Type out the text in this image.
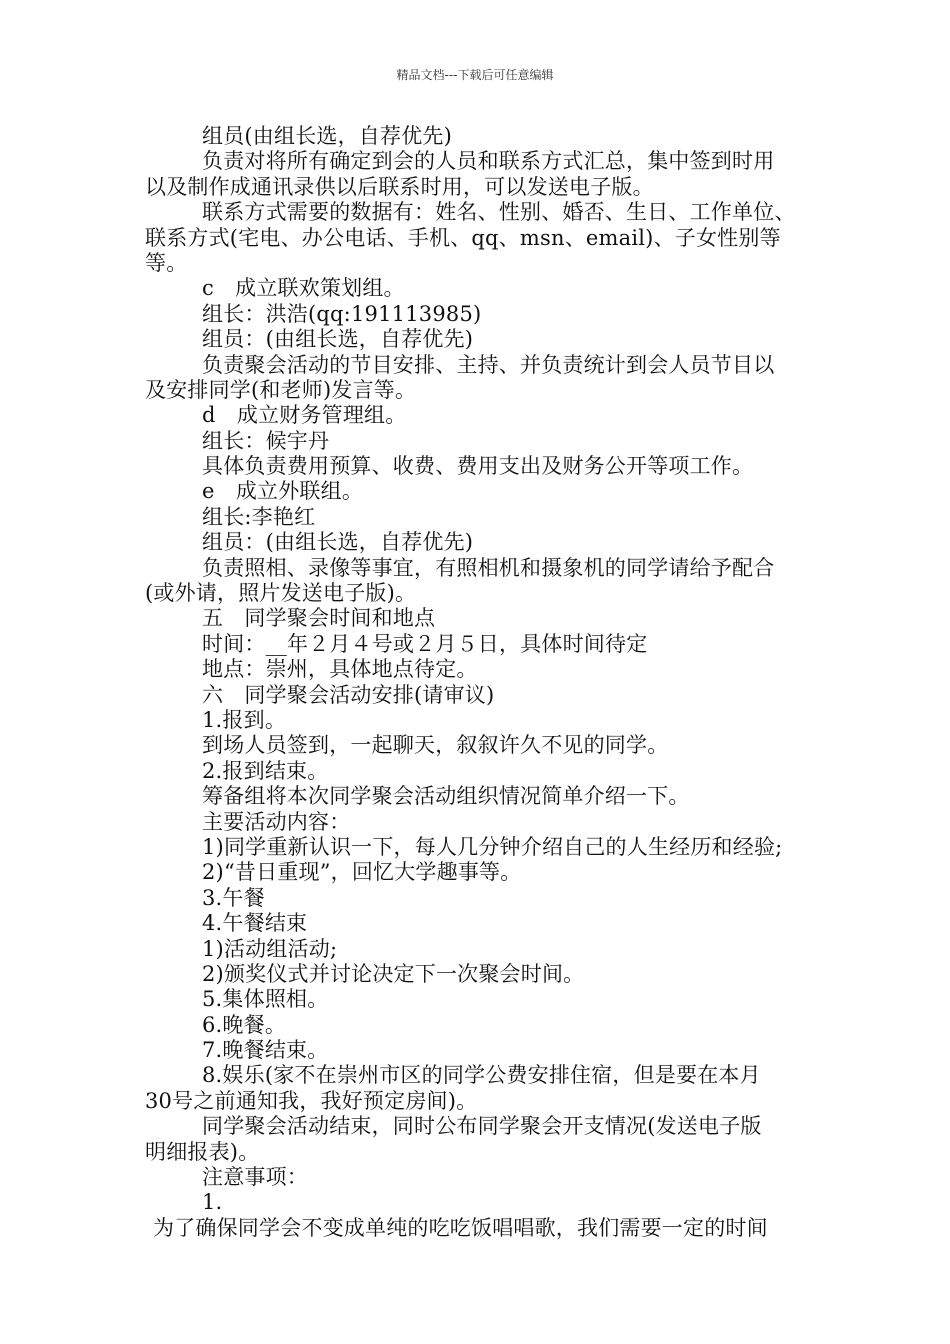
精品文档---下载后可任意编辑
组员(由组长选，自荐优先)
负责对将所有确定到会的人员和联系方式汇总，集中签到时用
以及制作成通讯录供以后联系时用，可以发送电子版。
联系方式需要的数据有：姓名、性别、婚否、生日、工作单位、
联系方式(宅电、办公电话、手机、qq、msn、email)、子女性别等
等。
c　成立联欢策划组。
组长：洪浩(qq:191113985)
组员：(由组长选，自荐优先)
负责聚会活动的节目安排、主持、并负责统计到会人员节目以
及安排同学(和老师)发言等。
d　成立财务管理组。
组长：候宇丹
具体负责费用预算、收费、费用支出及财务公开等项工作。
e　成立外联组。
组长:李艳红
组员：(由组长选，自荐优先)
负责照相、录像等事宜，有照相机和摄象机的同学请给予配合
(或外请，照片发送电子版)。
五　同学聚会时间和地点
时间：__年２月４号或２月５日，具体时间待定
地点：崇州，具体地点待定。
六　同学聚会活动安排(请审议)
1.报到。
到场人员签到，一起聊天，叙叙许久不见的同学。
2.报到结束。
筹备组将本次同学聚会活动组织情况简单介绍一下。
主要活动内容：
1)同学重新认识一下，每人几分钟介绍自己的人生经历和经验;
2)“昔日重现”，回忆大学趣事等。
3.午餐
4.午餐结束
1)活动组活动;
2)颁奖仪式并讨论决定下一次聚会时间。
5.集体照相。
6.晚餐。
7.晚餐结束。
8.娱乐(家不在崇州市区的同学公费安排住宿，但是要在本月
30号之前通知我，我好预定房间)。
同学聚会活动结束，同时公布同学聚会开支情况(发送电子版
明细报表)。
注意事项：
1.
为了确保同学会不变成单纯的吃吃饭唱唱歌，我们需要一定的时间
